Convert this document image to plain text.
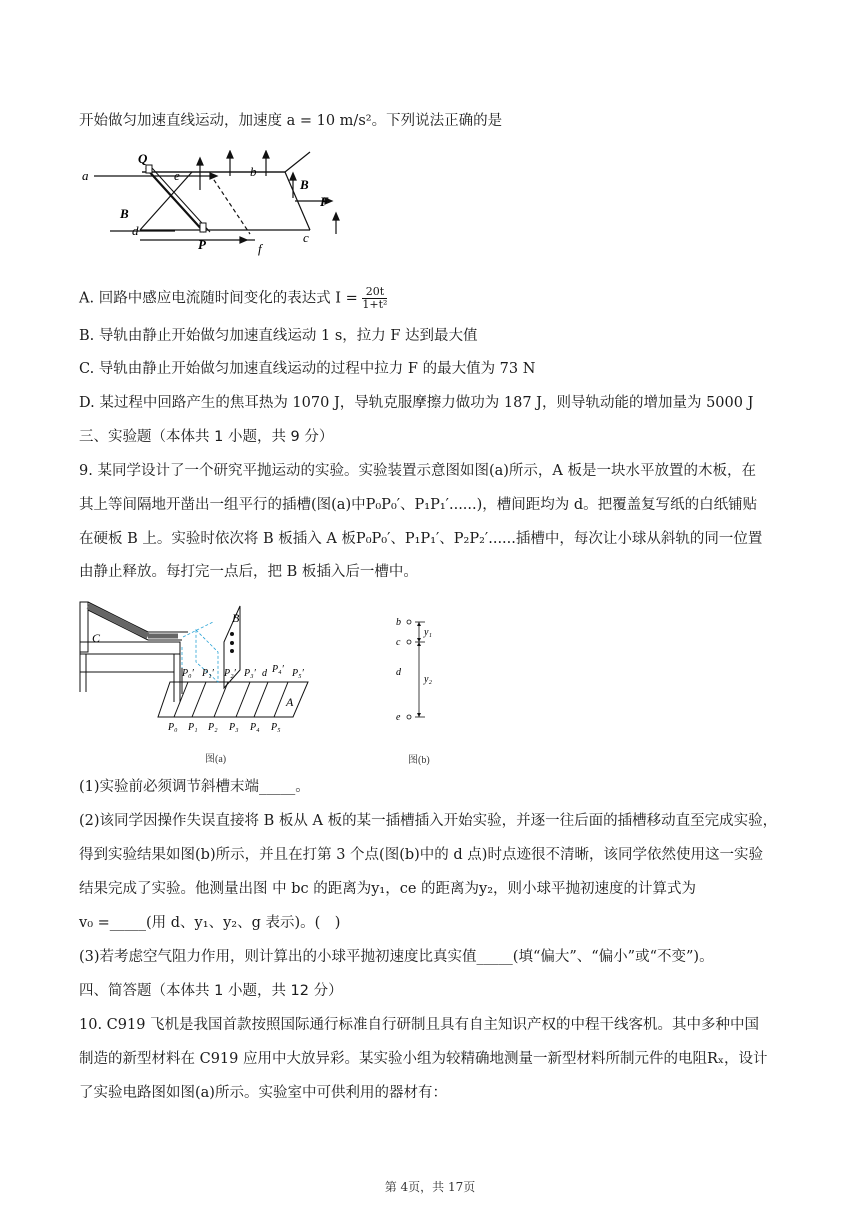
开始做匀加速直线运动，加速度 a = 10 m/s²。下列说法正确的是
a
Q
e	b
B
F
B
d
P	f
c
A. 回路中感应电流随时间变化的表达式 $I = \frac{20t}{\text{1+t²}}$
B. 导轨由静止开始做匀加速直线运动 1 s，拉力 F 达到最大值
C. 导轨由静止开始做匀加速直线运动的过程中拉力 F 的最大值为 73 N
D. 某过程中回路产生的焦耳热为 1070 J，导轨克服摩擦力做功为 187 J，则导轨动能的增加量为 5000 J
三、实验题（本体共 1 小题，共 9 分）
9. 某同学设计了一个研究平抛运动的实验。实验装置示意图如图(a)所示，A 板是一块水平放置的木板，在
其上等间隔地开凿出一组平行的插槽(图(a)中P₀P₀′、P₁P₁′......)，槽间距均为 d。把覆盖复写纸的白纸铺贴
在硬板 B 上。实验时依次将 B 板插入 A 板P₀P₀′、P₁P₁′、P₂P₂′......插槽中，每次让小球从斜轨的同一位置
由静止释放。每打完一点后，把 B 板插入后一槽中。
C
B
A
P₀′ P₁′ P₂′ P₃′ d P₄′ P₅′
P₀ P₁ P₂ P₃ P₄ P₅
图(a)
b
c
d
e
y₁
y₂
图(b)
(1)实验前必须调节斜槽末端_____。
(2)该同学因操作失误直接将 B 板从 A 板的某一插槽插入开始实验，并逐一往后面的插槽移动直至完成实验，
得到实验结果如图(b)所示，并且在打第 3 个点(图(b)中的 d 点)时点迹很不清晰，该同学依然使用这一实验
结果完成了实验。他测量出图 中 bc 的距离为y₁，ce 的距离为y₂，则小球平抛初速度的计算式为
v₀ =_____(用 d、y₁、y₂、g 表示)。(　)
(3)若考虑空气阻力作用，则计算出的小球平抛初速度比真实值_____(填“偏大”、“偏小”或“不变”)。
四、简答题（本体共 1 小题，共 12 分）
10. C919 飞机是我国首款按照国际通行标准自行研制且具有自主知识产权的中程干线客机。其中多种中国
制造的新型材料在 C919 应用中大放异彩。某实验小组为较精确地测量一新型材料所制元件的电阻Rₓ，设计
了实验电路图如图(a)所示。实验室中可供利用的器材有：
第 4页，共 17页
